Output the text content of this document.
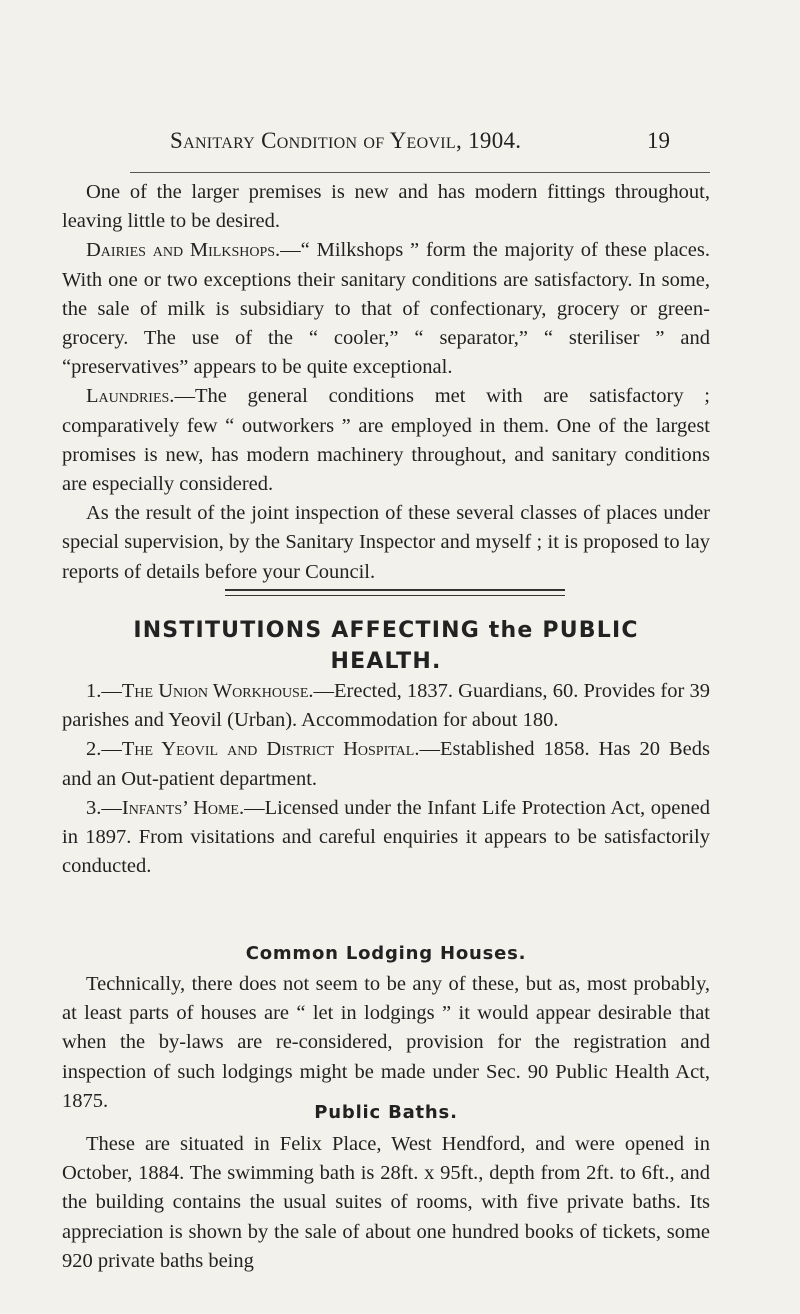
Sanitary Condition of Yeovil, 1904.	19

One of the larger premises is new and has modern fittings throughout, leaving little to be desired.

Dairies and Milkshops.—“ Milkshops ” form the majority of these places. With one or two exceptions their sanitary conditions are satisfactory. In some, the sale of milk is subsidiary to that of confectionary, grocery or green-grocery. The use of the “ cooler,” “ separator,” “ steriliser ” and “preservatives” appears to be quite exceptional.

Laundries.—The general conditions met with are satisfactory ; comparatively few “ outworkers ” are employed in them. One of the largest promises is new, has modern machinery throughout, and sanitary conditions are especially considered.

As the result of the joint inspection of these several classes of places under special supervision, by the Sanitary Inspector and myself ; it is proposed to lay reports of details before your Council.

INSTITUTIONS AFFECTING the PUBLIC
HEALTH.

1.—The Union Workhouse.—Erected, 1837. Guardians, 60. Provides for 39 parishes and Yeovil (Urban). Accommodation for about 180.

2.—The Yeovil and District Hospital.—Established 1858. Has 20 Beds and an Out-patient department.

3.—Infants’ Home.—Licensed under the Infant Life Protection Act, opened in 1897. From visitations and careful enquiries it appears to be satisfactorily conducted.

Common Lodging Houses.

Technically, there does not seem to be any of these, but as, most probably, at least parts of houses are “ let in lodgings ” it would appear desirable that when the by-laws are re-considered, provision for the registration and inspection of such lodgings might be made under Sec. 90 Public Health Act, 1875.

Public Baths.

These are situated in Felix Place, West Hendford, and were opened in October, 1884. The swimming bath is 28ft. x 95ft., depth from 2ft. to 6ft., and the building contains the usual suites of rooms, with five private baths. Its appreciation is shown by the sale of about one hundred books of tickets, some 920 private baths being
